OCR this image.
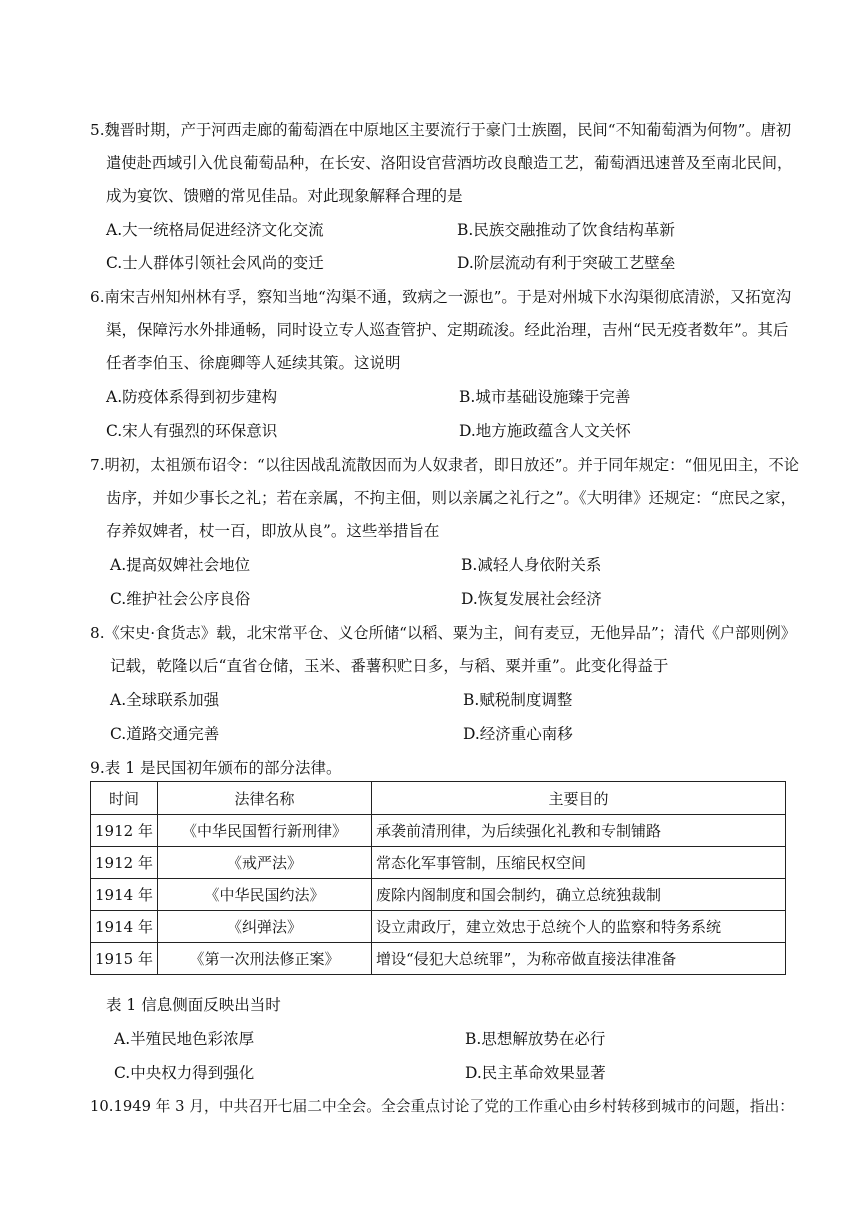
5.魏晋时期，产于河西走廊的葡萄酒在中原地区主要流行于豪门士族圈，民间“不知葡萄酒为何物”。唐初
遣使赴西域引入优良葡萄品种，在长安、洛阳设官营酒坊改良酿造工艺，葡萄酒迅速普及至南北民间，
成为宴饮、馈赠的常见佳品。对此现象解释合理的是
A.大一统格局促进经济文化交流	B.民族交融推动了饮食结构革新
C.士人群体引领社会风尚的变迁	D.阶层流动有利于突破工艺壁垒
6.南宋吉州知州林有孚，察知当地“沟渠不通，致病之一源也”。于是对州城下水沟渠彻底清淤，又拓宽沟
渠，保障污水外排通畅，同时设立专人巡查管护、定期疏浚。经此治理，吉州“民无疫者数年”。其后
任者李伯玉、徐鹿卿等人延续其策。这说明
A.防疫体系得到初步建构	B.城市基础设施臻于完善
C.宋人有强烈的环保意识	D.地方施政蕴含人文关怀
7.明初，太祖颁布诏令：“以往因战乱流散因而为人奴隶者，即日放还”。并于同年规定：“佃见田主，不论
齿序，并如少事长之礼；若在亲属，不拘主佃，则以亲属之礼行之”。《大明律》还规定：“庶民之家，
存养奴婢者，杖一百，即放从良”。这些举措旨在
A.提高奴婢社会地位	B.减轻人身依附关系
C.维护社会公序良俗	D.恢复发展社会经济
8.《宋史·食货志》载，北宋常平仓、义仓所储“以稻、粟为主，间有麦豆，无他异品”；清代《户部则例》
记载，乾隆以后“直省仓储，玉米、番薯积贮日多，与稻、粟并重”。此变化得益于
A.全球联系加强	B.赋税制度调整
C.道路交通完善	D.经济重心南移
9.表 1 是民国初年颁布的部分法律。
时间	法律名称	主要目的
1912 年	《中华民国暂行新刑律》	承袭前清刑律，为后续强化礼教和专制铺路
1912 年	《戒严法》	常态化军事管制，压缩民权空间
1914 年	《中华民国约法》	废除内阁制度和国会制约，确立总统独裁制
1914 年	《纠弹法》	设立肃政厅，建立效忠于总统个人的监察和特务系统
1915 年	《第一次刑法修正案》	增设“侵犯大总统罪”，为称帝做直接法律准备
表 1 信息侧面反映出当时
A.半殖民地色彩浓厚	B.思想解放势在必行
C.中央权力得到强化	D.民主革命效果显著
10.1949 年 3 月，中共召开七届二中全会。全会重点讨论了党的工作重心由乡村转移到城市的问题，指出：
